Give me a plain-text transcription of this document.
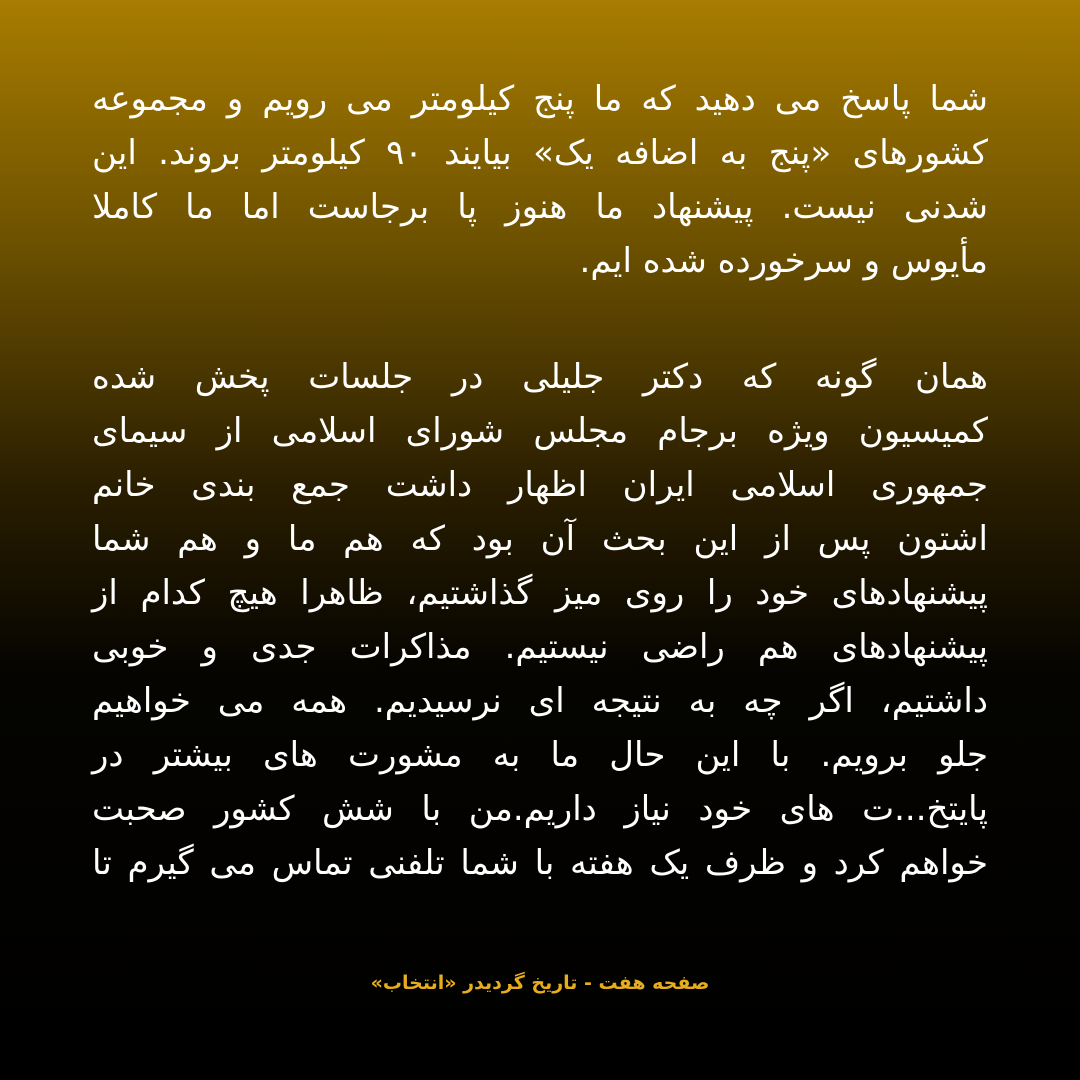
شما پاسخ می دهید که ما پنج کیلومتر می رویم و مجموعه
کشورهای «پنج به اضافه یک» بیایند ۹۰ کیلومتر بروند. این
شدنی نیست. پیشنهاد ما هنوز پا برجاست اما ما کاملا
مأیوس و سرخورده شده ایم.
همان گونه که دکتر جلیلی در جلسات پخش شده
کمیسیون ویژه برجام مجلس شورای اسلامی از سیمای
جمهوری اسلامی ایران اظهار داشت جمع بندی خانم
اشتون پس از این بحث آن بود که هم ما و هم شما
پیشنهادهای خود را روی میز گذاشتیم، ظاهرا هیچ کدام از
پیشنهادهای هم راضی نیستیم. مذاکرات جدی و خوبی
داشتیم، اگر چه به نتیجه ای نرسیدیم. همه می خواهیم
جلو برویم. با این حال ما به مشورت های بیشتر در
پایتخ...ت های خود نیاز داریم.من با شش کشور صحبت
خواهم کرد و ظرف یک هفته با شما تلفنی تماس می گیرم تا
صفحه هفت - تاریخ گردیدر «انتخاب»
